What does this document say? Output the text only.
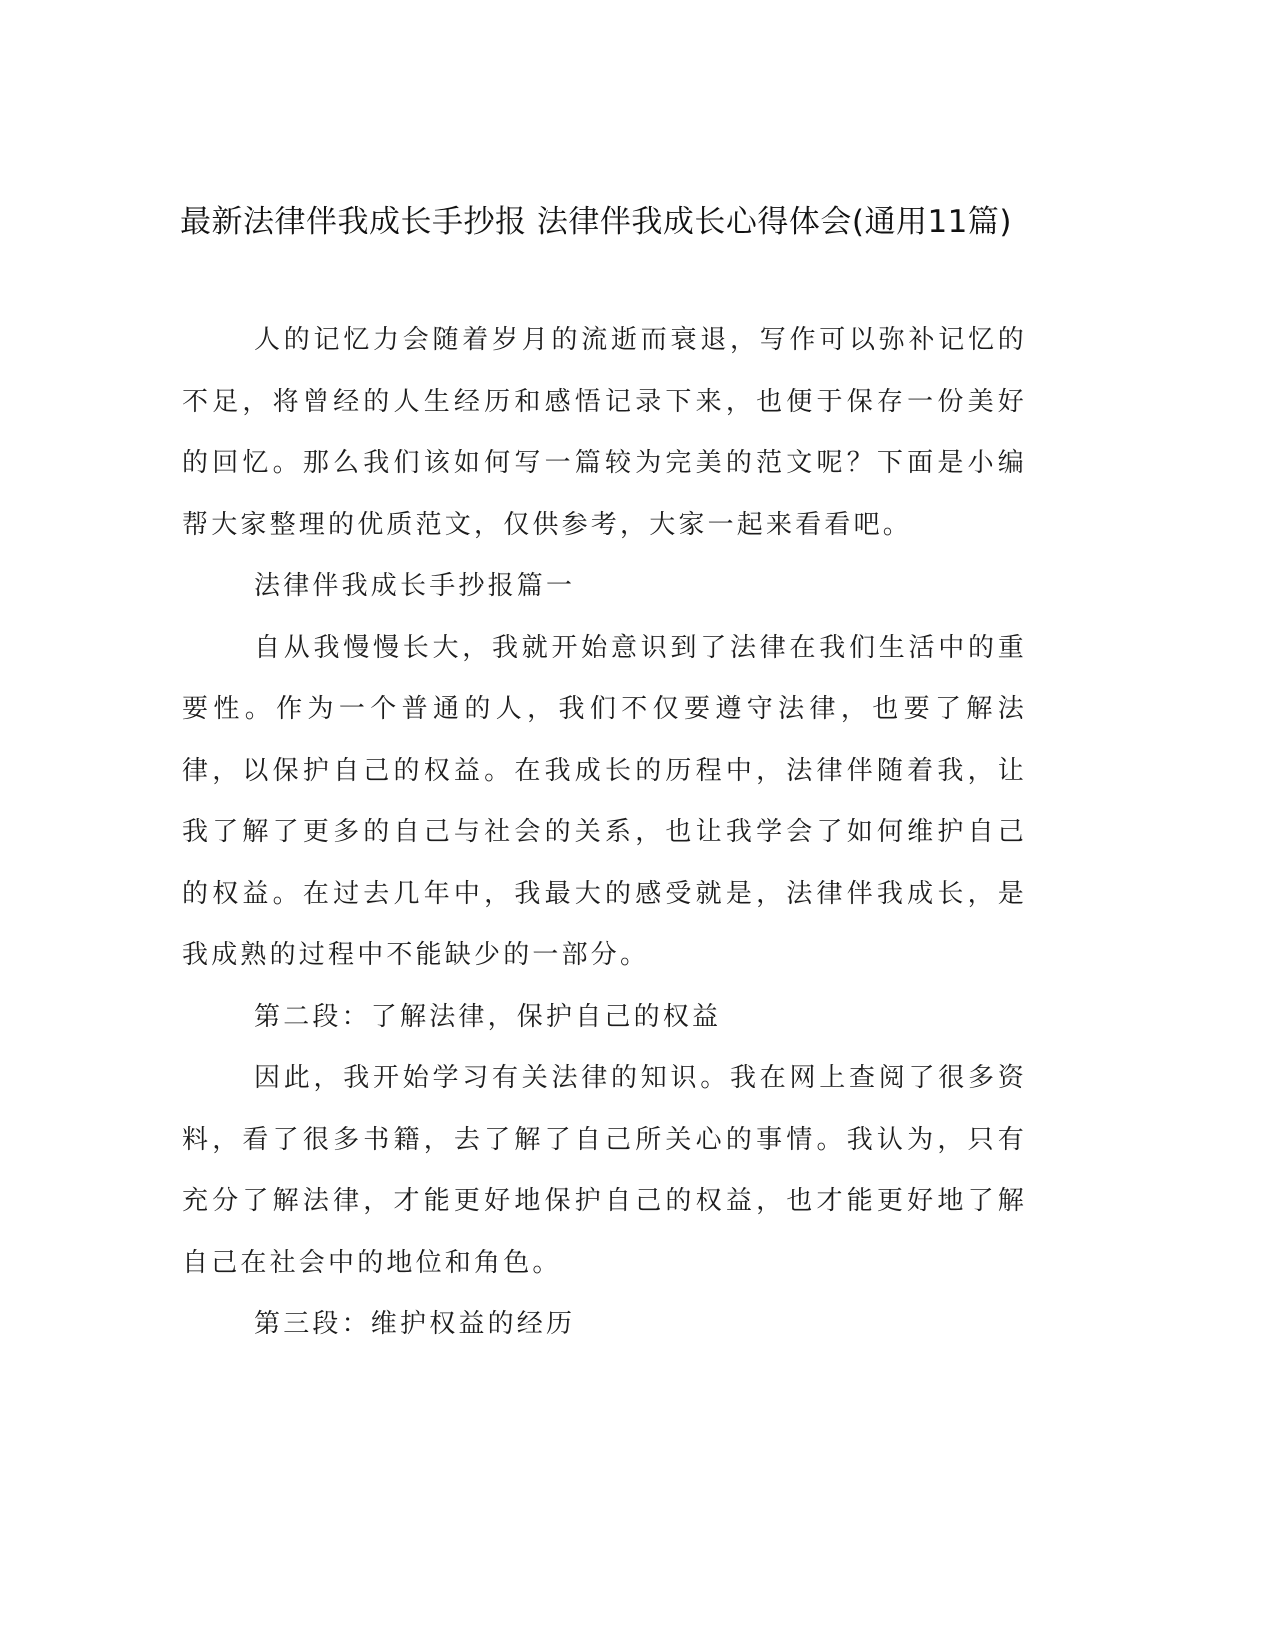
最新法律伴我成长手抄报 法律伴我成长心得体会(通用11篇)

人的记忆力会随着岁月的流逝而衰退，写作可以弥补记忆的不足，将曾经的人生经历和感悟记录下来，也便于保存一份美好的回忆。那么我们该如何写一篇较为完美的范文呢？下面是小编帮大家整理的优质范文，仅供参考，大家一起来看看吧。

法律伴我成长手抄报篇一

自从我慢慢长大，我就开始意识到了法律在我们生活中的重要性。作为一个普通的人，我们不仅要遵守法律，也要了解法律，以保护自己的权益。在我成长的历程中，法律伴随着我，让我了解了更多的自己与社会的关系，也让我学会了如何维护自己的权益。在过去几年中，我最大的感受就是，法律伴我成长，是我成熟的过程中不能缺少的一部分。

第二段：了解法律，保护自己的权益

因此，我开始学习有关法律的知识。我在网上查阅了很多资料，看了很多书籍，去了解了自己所关心的事情。我认为，只有充分了解法律，才能更好地保护自己的权益，也才能更好地了解自己在社会中的地位和角色。

第三段：维护权益的经历
